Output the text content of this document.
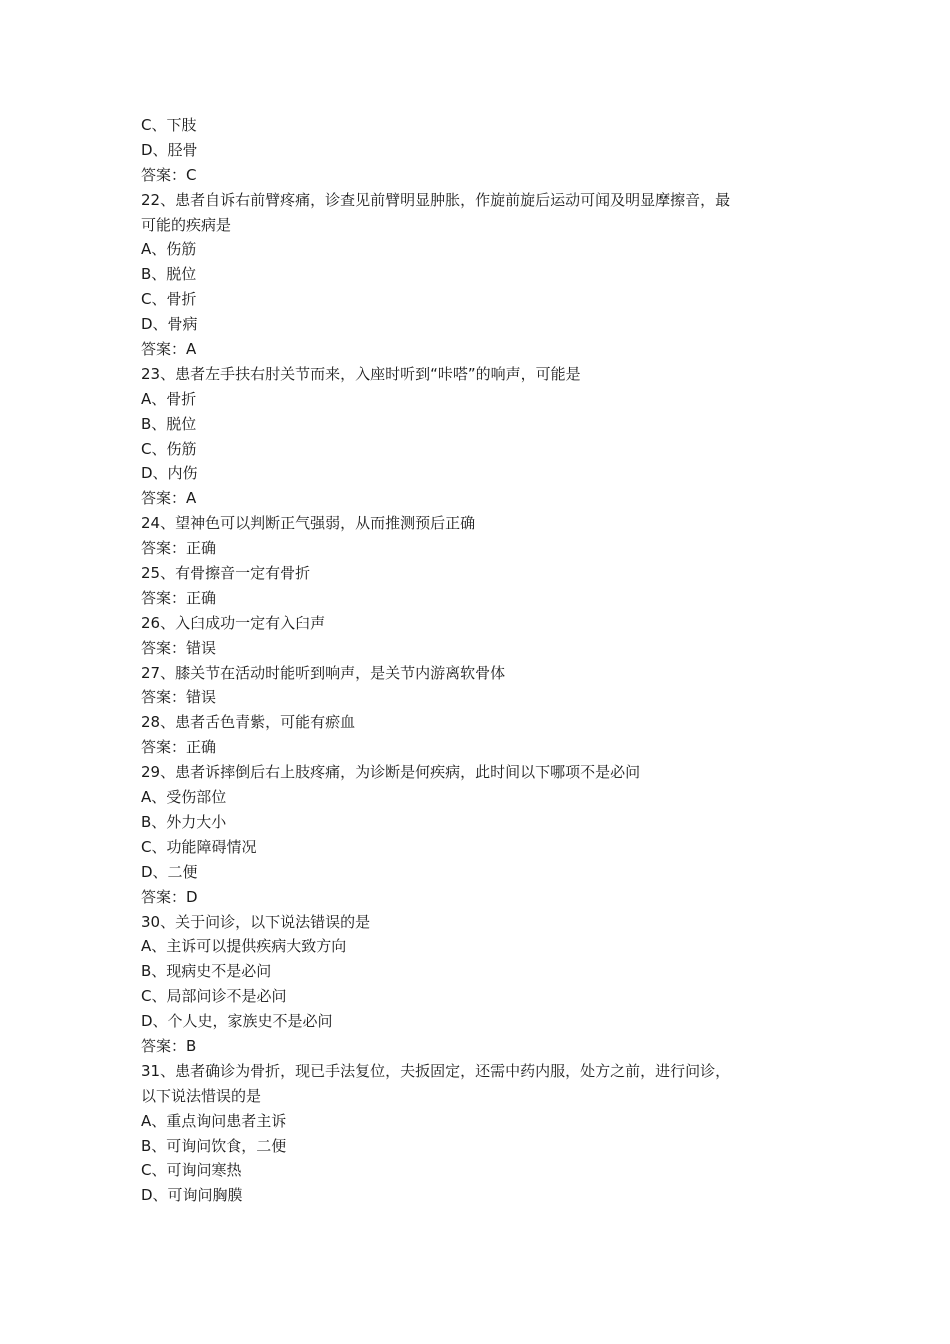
C、下肢

D、胫骨

答案：C

22、患者自诉右前臂疼痛，诊查见前臂明显肿胀，作旋前旋后运动可闻及明显摩擦音，最

可能的疾病是

A、伤筋

B、脱位

C、骨折

D、骨病

答案：A

23、患者左手扶右肘关节而来，入座时听到“咔嗒”的响声，可能是

A、骨折

B、脱位

C、伤筋

D、内伤

答案：A

24、望神色可以判断正气强弱，从而推测预后正确

答案：正确

25、有骨擦音一定有骨折

答案：正确

26、入臼成功一定有入臼声

答案：错误

27、膝关节在活动时能听到响声，是关节内游离软骨体

答案：错误

28、患者舌色青紫，可能有瘀血

答案：正确

29、患者诉摔倒后右上肢疼痛，为诊断是何疾病，此时间以下哪项不是必问

A、受伤部位

B、外力大小

C、功能障碍情况

D、二便

答案：D

30、关于问诊，以下说法错误的是

A、主诉可以提供疾病大致方向

B、现病史不是必问

C、局部问诊不是必问

D、个人史，家族史不是必问

答案：B

31、患者确诊为骨折，现已手法复位，夫扳固定，还需中药内服，处方之前，进行问诊，

以下说法惜误的是

A、重点询问患者主诉

B、可询问饮食，二便

C、可询问寒热

D、可询问胸膜
